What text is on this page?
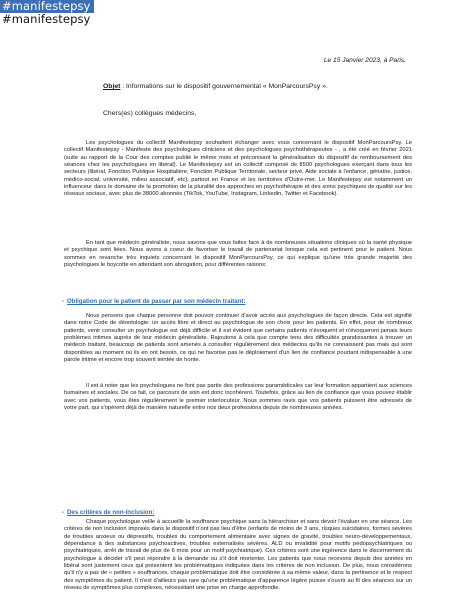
#manifestepsy
#manifestepsy
Le 15 Janvier 2023, à Paris.
Objet : Informations sur le dispositif gouvernemental « MonParcoursPsy ».
Chers(es) collègues médecins,

Les psychologues du collectif Manifestepsy souhaitent échanger avec vous concernant le dispositif MonParcoursPsy. Le collectif Manifestepsy - Manifeste des psychologues cliniciens et des psychologues psychothérapeutes - , a été créé en février 2021 (suite au rapport de la Cour des comptes publié le même mois et préconisant la généralisation du dispositif de remboursement des séances chez les psychologues en libéral). Le Manifestepsy est un collectif composé de 8500 psychologues exerçant dans tous les secteurs (libéral, Fonction Publique Hospitalière, Fonction Publique Territoriale, secteur privé, Aide sociale à l'enfance, gériatrie, justice, médico-social, université, milieu associatif, etc), partout en France et les territoires d'Outre-mer. Le Manifestepsy est notamment un influenceur dans le domaine de la promotion de la pluralité des approches en psychothérapie et des soins psychiques de qualité sur les réseaux sociaux, avec plus de 38000 abonnés (TikTok, YouTube, Instagram, Linkedin, Twitter et Facebook).

En tant que médecin généraliste, nous savons que vous faites face à de nombreuses situations cliniques où la santé physique et psychique sont liées. Nous avons à coeur de favoriser le travail de partenariat lorsque cela est pertinent pour le patient. Nous sommes en revanche très inquiets concernant le dispositif MonParcoursPsy, ce qui explique qu'une très grande majorité des psychologues le boycotte en attendant son abrogation, pour différentes raisons:

- Obligation pour le patient de passer par son médecin traitant:

Nous pensons que chaque personne doit pouvoir continuer d'avoir accès aux psychologues de façon directe. Cela est signifié dans notre Code de déontologie: un accès libre et direct au psychologue de son choix pour les patients. En effet, pour de nombreux patients, venir consulter un psychologue est déjà difficile et il est évident que certains patients n'évoquent et n'évoqueront jamais leurs problèmes intimes auprès de leur médecin généraliste. Rajoutons à cela que compte tenu des difficultés grandissantes à trouver un médecin traitant, beaucoup de patients sont amenés à consulter régulièrement des médecins qu'ils ne connaissent pas mais qui sont disponibles au moment où ils en ont besoin, ce qui ne favorise pas le déploiement d'un lien de confiance pourtant indispensable à une parole intime et encore trop souvent teintée de honte.

Il est à noter que les psychologues ne font pas partie des professions paramédicales car leur formation appartient aux sciences humaines et sociales. De ce fait, ce parcours de soin est donc incohérent. Toutefois, grâce au lien de confiance que vous pouvez établir avec vos patients, vous êtes régulièrement le premier interlocuteur. Nous sommes ravis que vos patients puissent être adressés de votre part, qui s'opèrent déjà de manière naturelle entre nos deux professions depuis de nombreuses années.

- Des critères de non-inclusion:

Chaque psychologue veille à accueillir la souffrance psychique sans la hiérarchiser et sans devoir l'évaluer en une séance. Les critères de non inclusion imposés dans le dispositif n'ont pas lieu d'être (enfants de moins de 3 ans, risques suicidaires, formes sévères de troubles anxieux ou dépressifs, troubles du comportement alimentaire avec signes de gravité, troubles neuro-développementaux, dépendance à des substances psychoactives, troubles externalisés sévères, ALD ou invalidité pour motifs pédopsychiatriques ou psychiatriques, arrêt de travail de plus de 6 mois pour un motif psychiatrique). Ces critères sont une ingérence dans le discernement du psychologue à décider s'il peut répondre à la demande ou s'il doit réorienter. Les patients que nous recevons depuis des années en libéral sont justement ceux qui présentent les problématiques indiquées dans les critères de non inclusion. De plus, nous considérons qu'il n'y a pas de « petites » souffrances, chaque problématique doit être considérée à sa même valeur, dans la pertinence et le respect des symptômes du patient. Il n'est d'ailleurs pas rare qu'une problématique d'apparence légère puisse s'ouvrir au fil des séances sur un réseau de symptômes plus complexes, nécessitant une prise en charge approfondie.
